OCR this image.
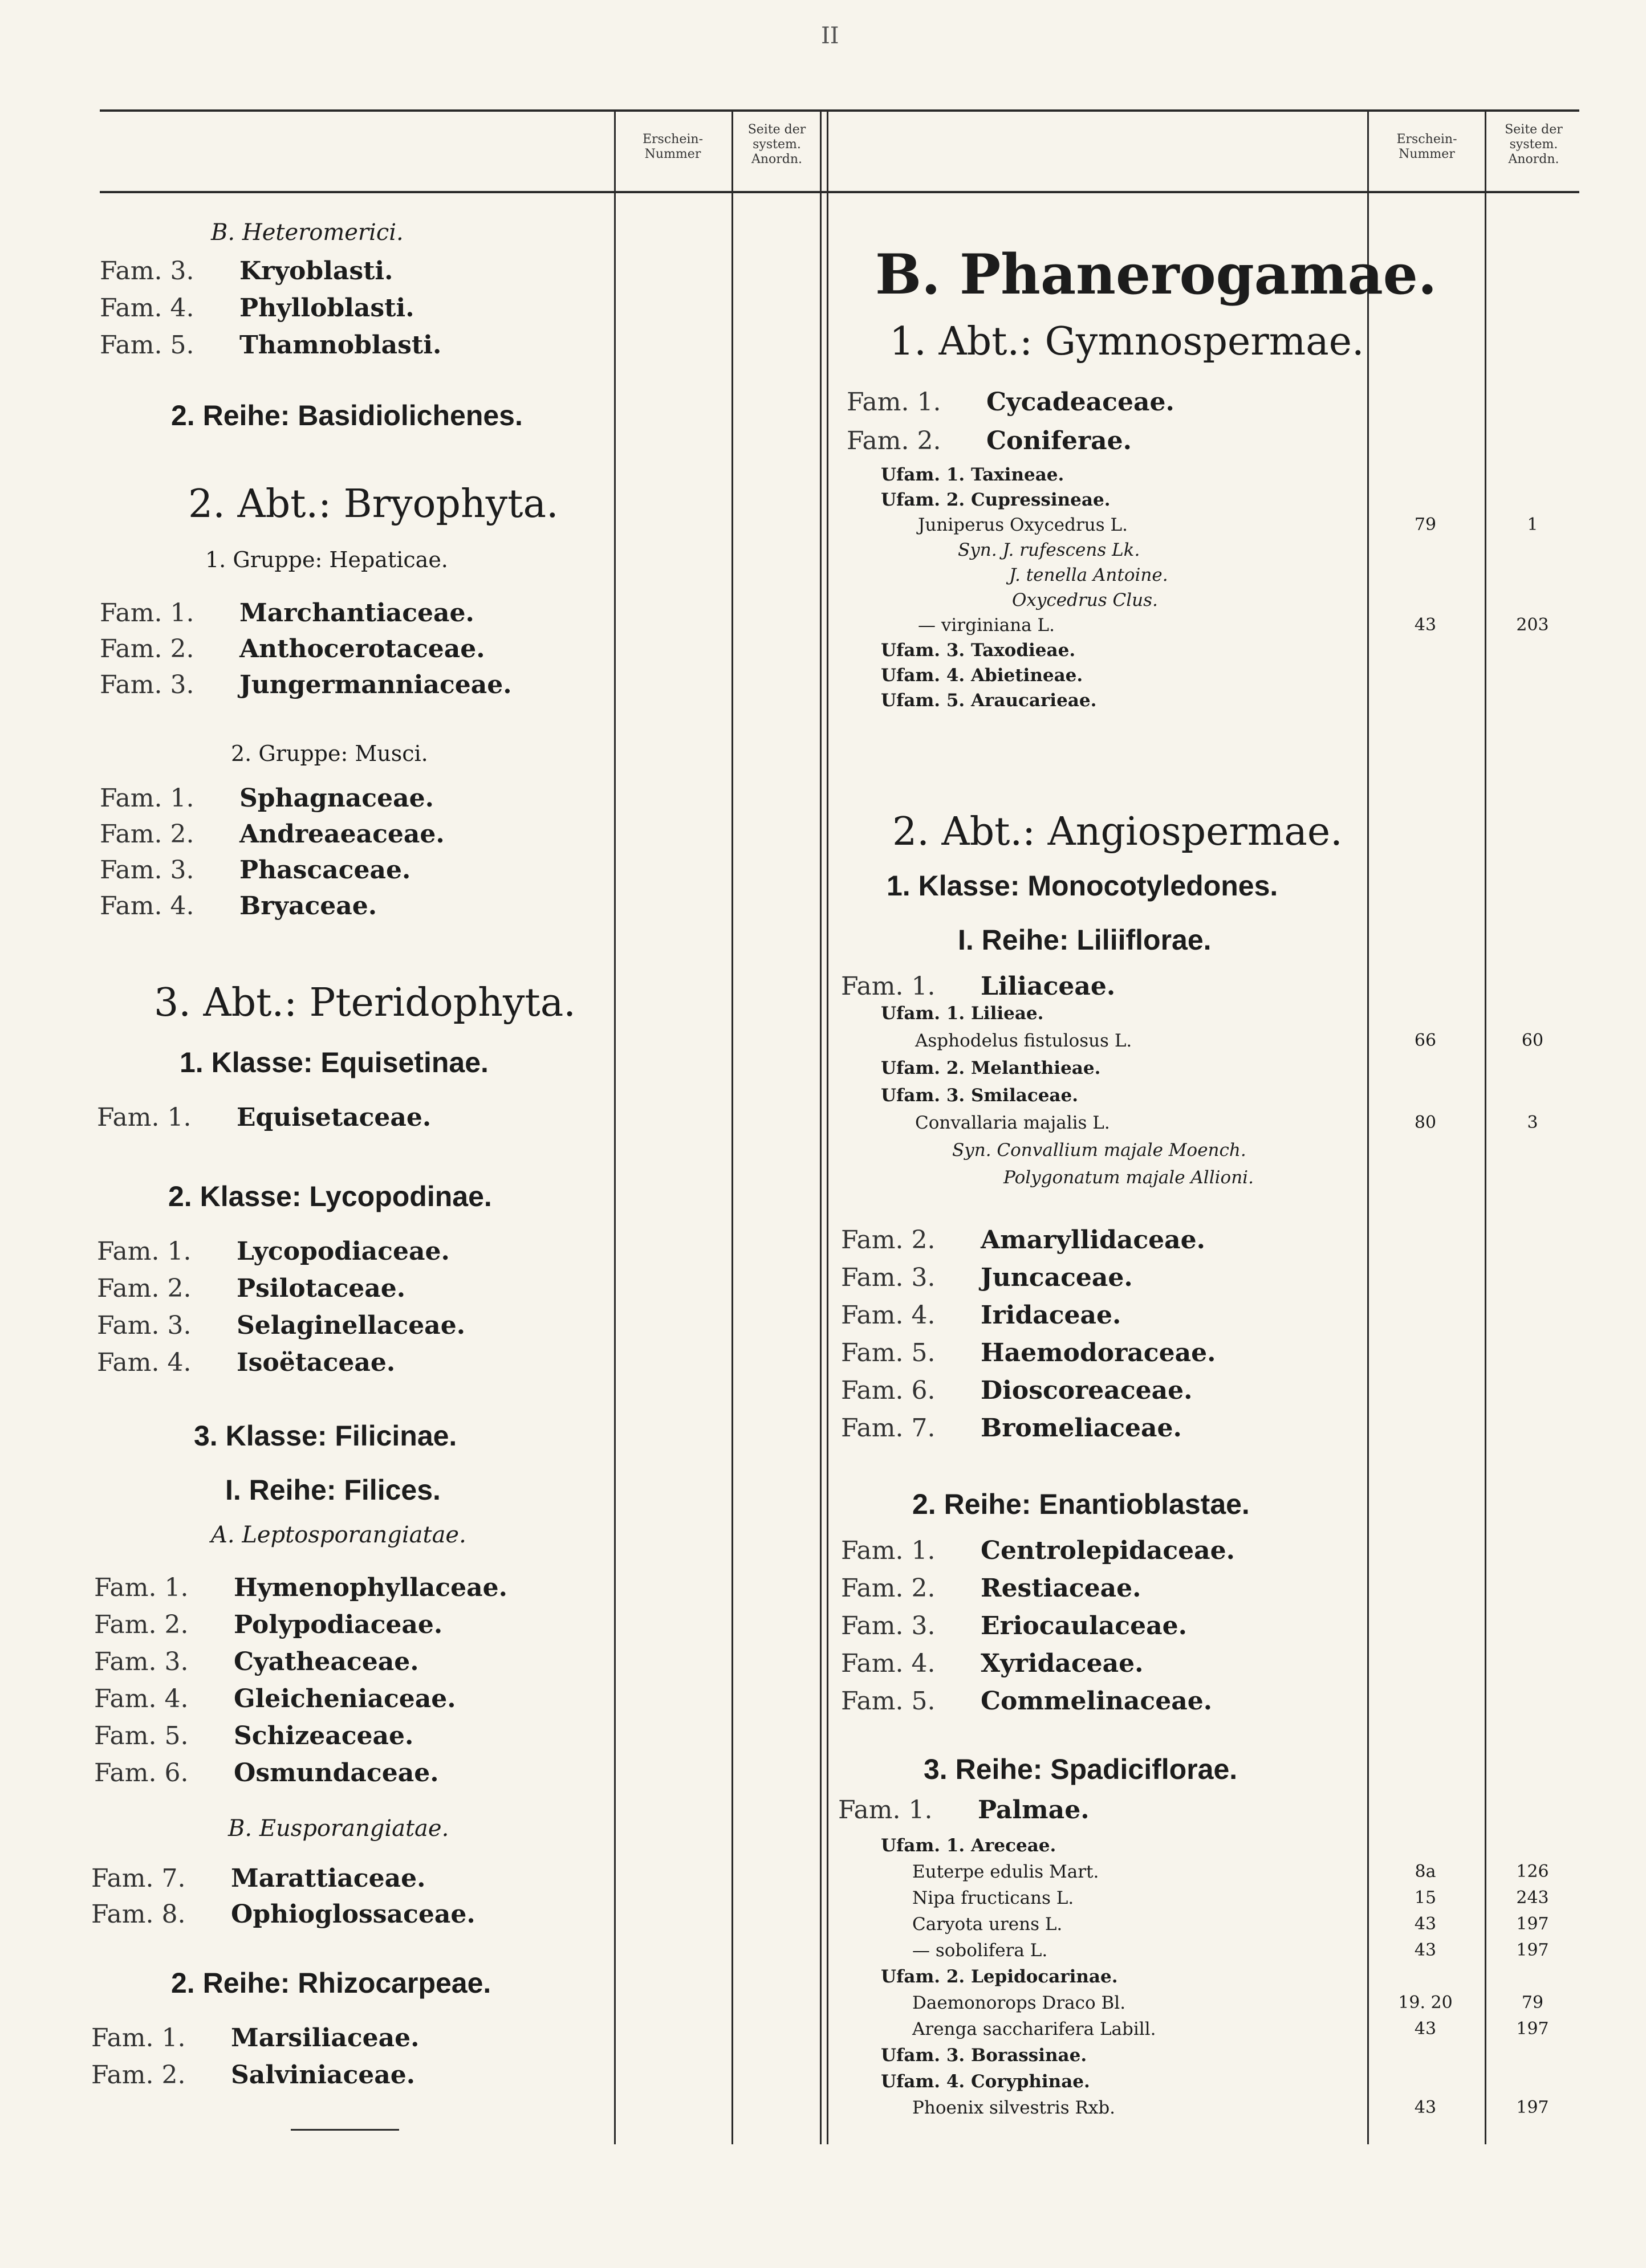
II
Erschein-
Nummer
Seite der
system.
Anordn.
Erschein-
Nummer
Seite der
system.
Anordn.
B. Heteromerici.
Fam. 3. Kryoblasti.
Fam. 4. Phylloblasti.
Fam. 5. Thamnoblasti.
2. Reihe: Basidiolichenes.
2. Abt.: Bryophyta.
1. Gruppe: Hepaticae.
Fam. 1. Marchantiaceae.
Fam. 2. Anthocerotaceae.
Fam. 3. Jungermanniaceae.
2. Gruppe: Musci.
Fam. 1. Sphagnaceae.
Fam. 2. Andreaeaceae.
Fam. 3. Phascaceae.
Fam. 4. Bryaceae.
3. Abt.: Pteridophyta.
1. Klasse: Equisetinae.
Fam. 1. Equisetaceae.
2. Klasse: Lycopodinae.
Fam. 1. Lycopodiaceae.
Fam. 2. Psilotaceae.
Fam. 3. Selaginellaceae.
Fam. 4. Isoëtaceae.
3. Klasse: Filicinae.
I. Reihe: Filices.
A. Leptosporangiatae.
Fam. 1. Hymenophyllaceae.
Fam. 2. Polypodiaceae.
Fam. 3. Cyatheaceae.
Fam. 4. Gleicheniaceae.
Fam. 5. Schizeaceae.
Fam. 6. Osmundaceae.
B. Eusporangiatae.
Fam. 7. Marattiaceae.
Fam. 8. Ophioglossaceae.
2. Reihe: Rhizocarpeae.
Fam. 1. Marsiliaceae.
Fam. 2. Salviniaceae.
B. Phanerogamae.
1. Abt.: Gymnospermae.
Fam. 1. Cycadeaceae.
Fam. 2. Coniferae.
Ufam. 1. Taxineae.
Ufam. 2. Cupressineae.
Juniperus Oxycedrus L.	79	1
Syn. J. rufescens Lk.
J. tenella Antoine.
Oxycedrus Clus.
— virginiana L.	43	203
Ufam. 3. Taxodieae.
Ufam. 4. Abietineae.
Ufam. 5. Araucarieae.
2. Abt.: Angiospermae.
1. Klasse: Monocotyledones.
I. Reihe: Liliiflorae.
Fam. 1. Liliaceae.
Ufam. 1. Lilieae.
Asphodelus fistulosus L.	66	60
Ufam. 2. Melanthieae.
Ufam. 3. Smilaceae.
Convallaria majalis L.	80	3
Syn. Convallium majale Moench.
Polygonatum majale Allioni.
Fam. 2. Amaryllidaceae.
Fam. 3. Juncaceae.
Fam. 4. Iridaceae.
Fam. 5. Haemodoraceae.
Fam. 6. Dioscoreaceae.
Fam. 7. Bromeliaceae.
2. Reihe: Enantioblastae.
Fam. 1. Centrolepidaceae.
Fam. 2. Restiaceae.
Fam. 3. Eriocaulaceae.
Fam. 4. Xyridaceae.
Fam. 5. Commelinaceae.
3. Reihe: Spadiciflorae.
Fam. 1. Palmae.
Ufam. 1. Areceae.
Euterpe edulis Mart.	8a	126
Nipa fructicans L.	15	243
Caryota urens L.	43	197
— sobolifera L.	43	197
Ufam. 2. Lepidocarinae.
Daemonorops Draco Bl.	19. 20	79
Arenga saccharifera Labill.	43	197
Ufam. 3. Borassinae.
Ufam. 4. Coryphinae.
Phoenix silvestris Rxb.	43	197
